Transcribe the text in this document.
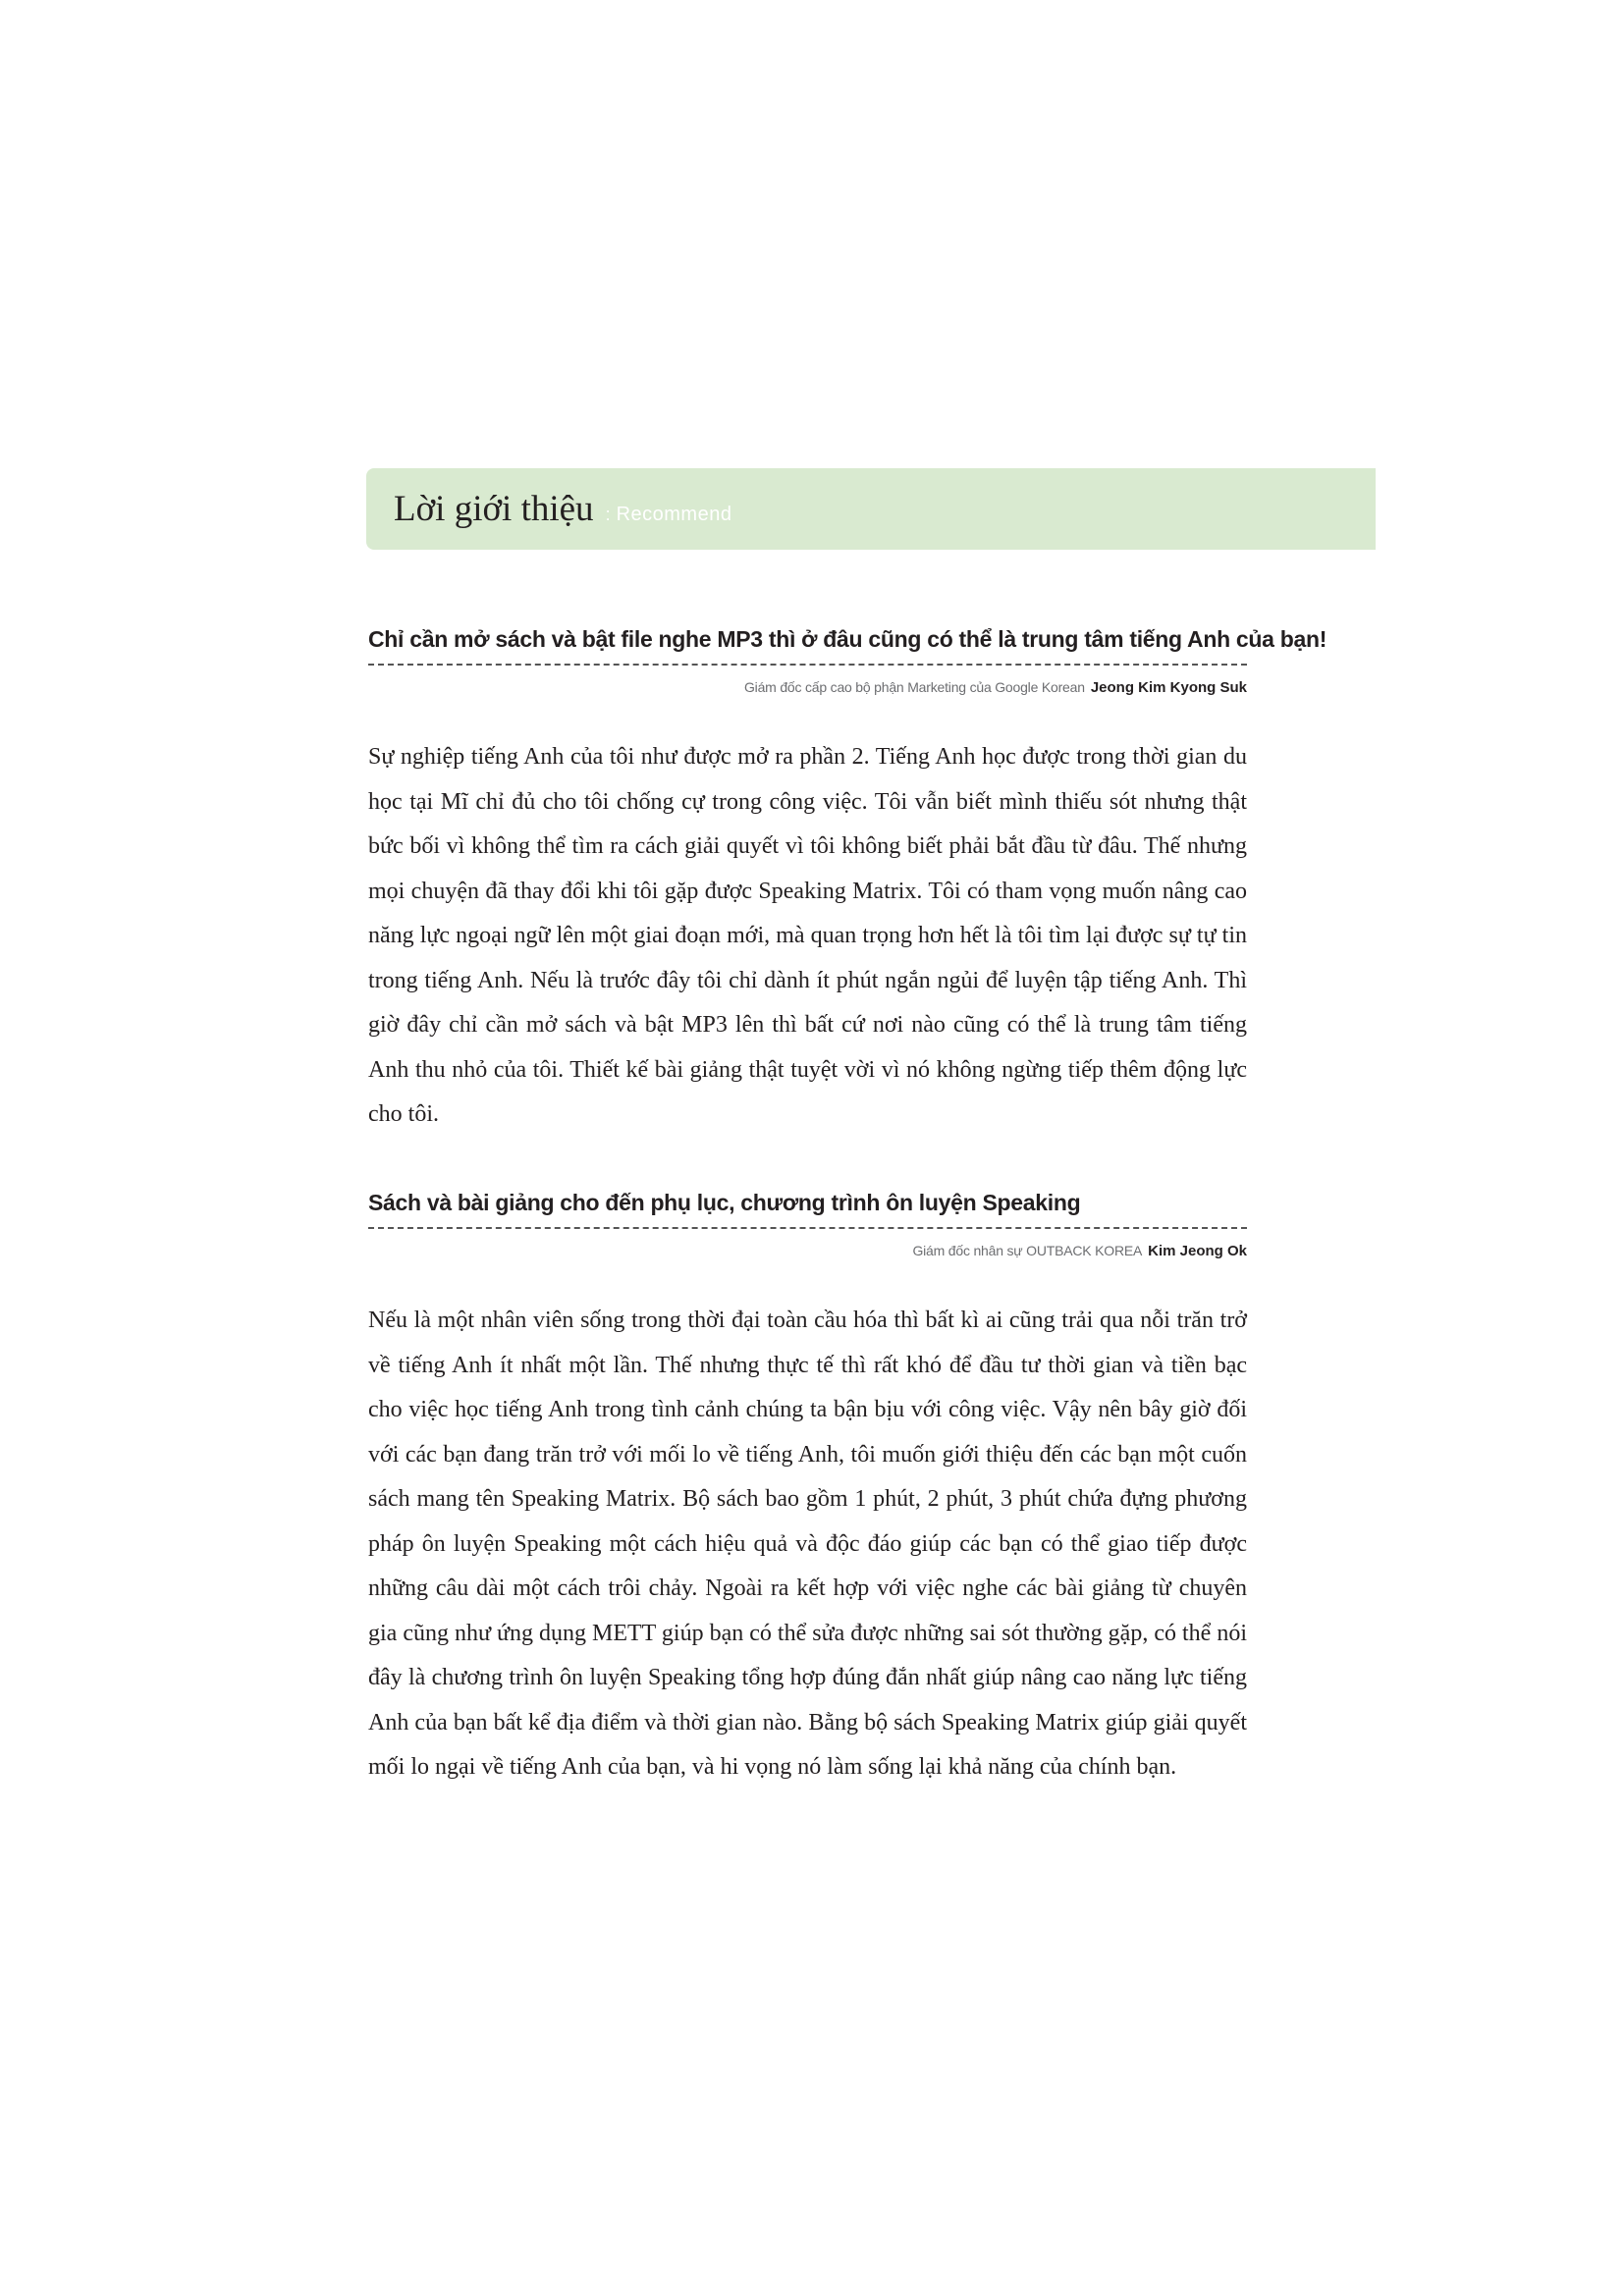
Lời giới thiệu : Recommend
Chỉ cần mở sách và bật file nghe MP3 thì ở đâu cũng có thể là trung tâm tiếng Anh của bạn!
Giám đốc cấp cao bộ phận Marketing của Google Korean Jeong Kim Kyong Suk

Sự nghiệp tiếng Anh của tôi như được mở ra phần 2. Tiếng Anh học được trong thời gian du học tại Mĩ chỉ đủ cho tôi chống cự trong công việc. Tôi vẫn biết mình thiếu sót nhưng thật bức bối vì không thể tìm ra cách giải quyết vì tôi không biết phải bắt đầu từ đâu. Thế nhưng mọi chuyện đã thay đổi khi tôi gặp được Speaking Matrix. Tôi có tham vọng muốn nâng cao năng lực ngoại ngữ lên một giai đoạn mới, mà quan trọng hơn hết là tôi tìm lại được sự tự tin trong tiếng Anh. Nếu là trước đây tôi chỉ dành ít phút ngắn ngủi để luyện tập tiếng Anh. Thì giờ đây chỉ cần mở sách và bật MP3 lên thì bất cứ nơi nào cũng có thể là trung tâm tiếng Anh thu nhỏ của tôi. Thiết kế bài giảng thật tuyệt vời vì nó không ngừng tiếp thêm động lực cho tôi.

Sách và bài giảng cho đến phụ lục, chương trình ôn luyện Speaking
Giám đốc nhân sự OUTBACK KOREA Kim Jeong Ok

Nếu là một nhân viên sống trong thời đại toàn cầu hóa thì bất kì ai cũng trải qua nỗi trăn trở về tiếng Anh ít nhất một lần. Thế nhưng thực tế thì rất khó để đầu tư thời gian và tiền bạc cho việc học tiếng Anh trong tình cảnh chúng ta bận bịu với công việc. Vậy nên bây giờ đối với các bạn đang trăn trở với mối lo về tiếng Anh, tôi muốn giới thiệu đến các bạn một cuốn sách mang tên Speaking Matrix. Bộ sách bao gồm 1 phút, 2 phút, 3 phút chứa đựng phương pháp ôn luyện Speaking một cách hiệu quả và độc đáo giúp các bạn có thể giao tiếp được những câu dài một cách trôi chảy. Ngoài ra kết hợp với việc nghe các bài giảng từ chuyên gia cũng như ứng dụng METT giúp bạn có thể sửa được những sai sót thường gặp, có thể nói đây là chương trình ôn luyện Speaking tổng hợp đúng đắn nhất giúp nâng cao năng lực tiếng Anh của bạn bất kể địa điểm và thời gian nào. Bằng bộ sách Speaking Matrix giúp giải quyết mối lo ngại về tiếng Anh của bạn, và hi vọng nó làm sống lại khả năng của chính bạn.
